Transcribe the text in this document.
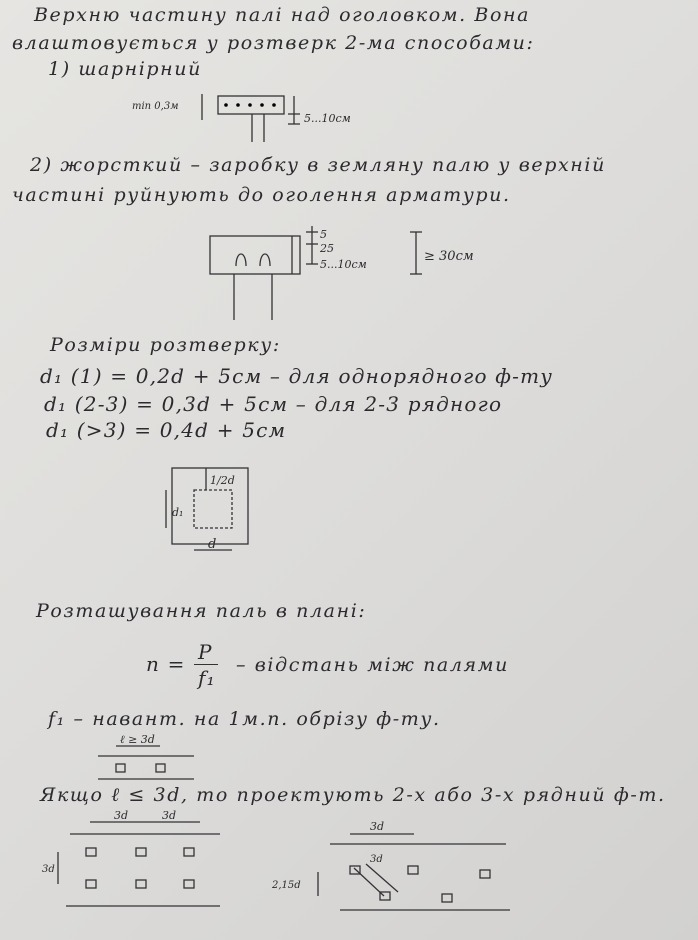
Верхню частину палі над оголовком. Вона
влаштовується у розтверк 2-ма способами:
1) шарнірний
min 0,3м
5...10см
2) жорсткий – заробку в земляну палю у верхній
частині руйнують до оголення арматури.
5
25
5...10см
≥ 30см
Розміри розтверку:
d₁ (1) = 0,2d + 5см – для однорядного ф-ту
d₁ (2-3) = 0,3d + 5см – для 2-3 рядного
d₁ (>3) = 0,4d + 5см
1/2d
d₁
d
Розташування паль в плані:
n = P
f₁
– відстань між палями
f₁ – навант. на 1м.п. обрізу ф-ту.
ℓ ≥ 3d
Якщо ℓ ≤ 3d, то проектують 2-х або 3-х рядний ф-т.
3d	3d
3d
3d
3d
2,15d
